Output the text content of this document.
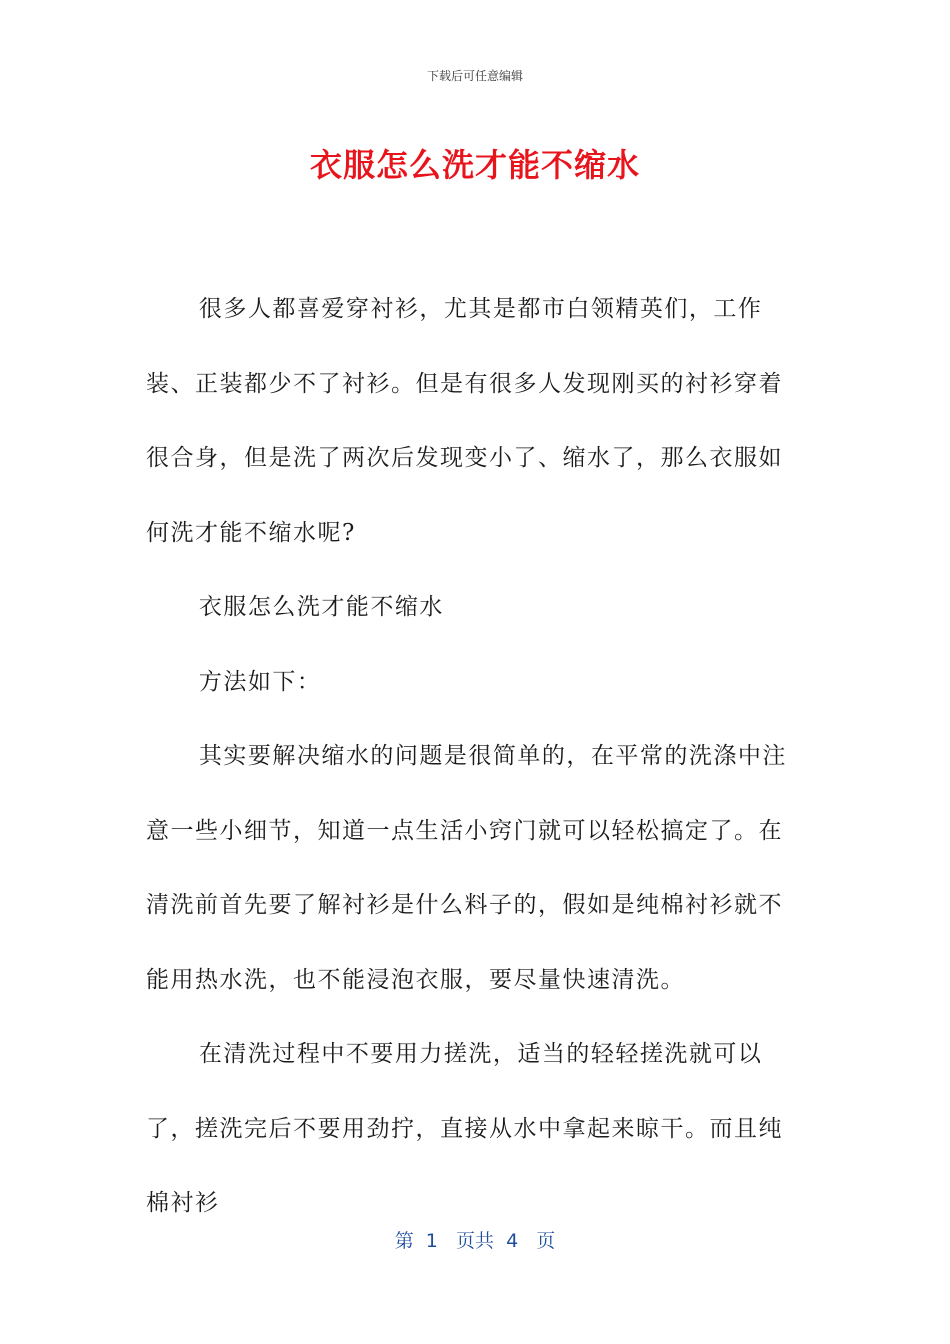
下载后可任意编辑
衣服怎么洗才能不缩水

很多人都喜爱穿衬衫，尤其是都市白领精英们，工作装、正装都少不了衬衫。但是有很多人发现刚买的衬衫穿着很合身，但是洗了两次后发现变小了、缩水了，那么衣服如何洗才能不缩水呢?

衣服怎么洗才能不缩水

方法如下：

其实要解决缩水的问题是很简单的，在平常的洗涤中注意一些小细节，知道一点生活小窍门就可以轻松搞定了。在清洗前首先要了解衬衫是什么料子的，假如是纯棉衬衫就不能用热水洗，也不能浸泡衣服，要尽量快速清洗。

在清洗过程中不要用力搓洗，适当的轻轻搓洗就可以了，搓洗完后不要用劲拧，直接从水中拿起来晾干。而且纯棉衬衫

第  1   页共  4   页
